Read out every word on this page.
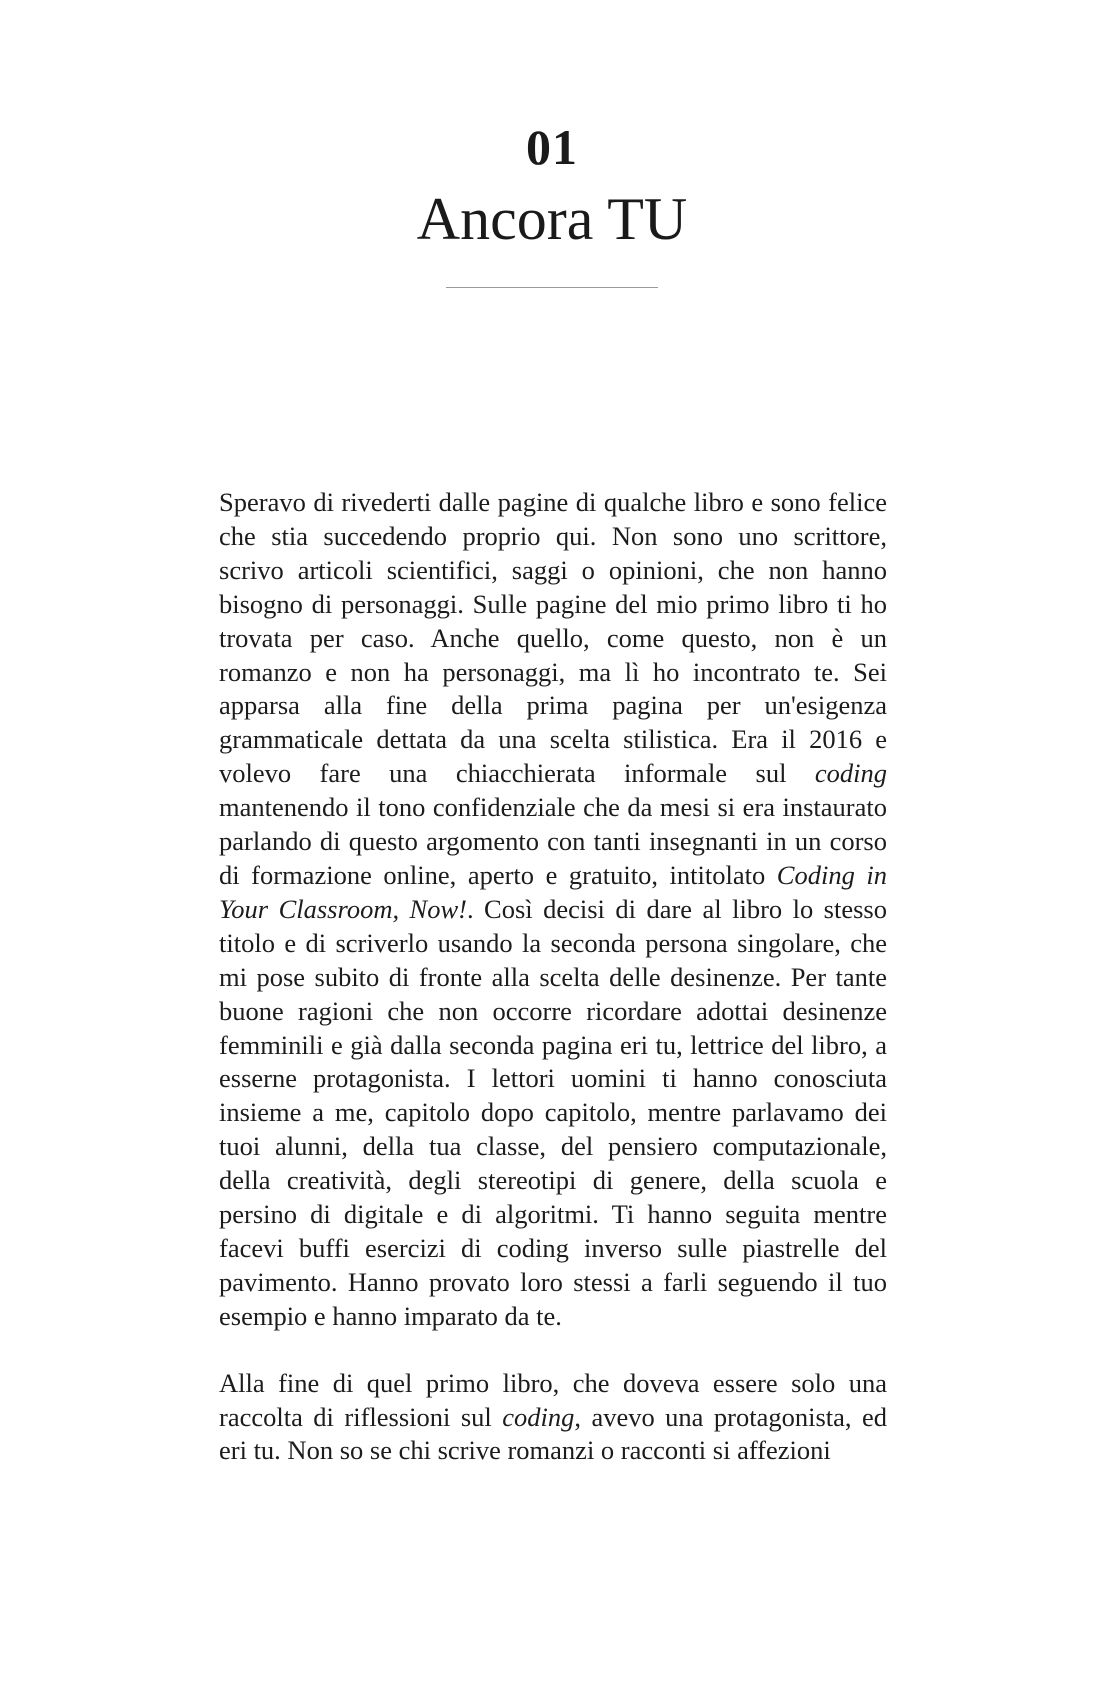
01
Ancora TU

Speravo di rivederti dalle pagine di qualche libro e sono felice che stia succedendo proprio qui. Non sono uno scrittore, scrivo articoli scientifici, saggi o opinioni, che non hanno bisogno di personaggi. Sulle pagine del mio primo libro ti ho trovata per caso. Anche quello, come questo, non è un romanzo e non ha personaggi, ma lì ho incontrato te. Sei apparsa alla fine della prima pagina per un'esigenza grammaticale dettata da una scelta stilistica. Era il 2016 e volevo fare una chiacchierata informale sul coding mantenendo il tono confidenziale che da mesi si era instaurato parlando di questo argomento con tanti insegnanti in un corso di formazione online, aperto e gratuito, intitolato Coding in Your Classroom, Now!. Così decisi di dare al libro lo stesso titolo e di scriverlo usando la seconda persona singolare, che mi pose subito di fronte alla scelta delle desinenze. Per tante buone ragioni che non occorre ricordare adottai desinenze femminili e già dalla seconda pagina eri tu, lettrice del libro, a esserne protagonista. I lettori uomini ti hanno conosciuta insieme a me, capitolo dopo capitolo, mentre parlavamo dei tuoi alunni, della tua classe, del pensiero computazionale, della creatività, degli stereotipi di genere, della scuola e persino di digitale e di algoritmi. Ti hanno seguita mentre facevi buffi esercizi di coding inverso sulle piastrelle del pavimento. Hanno provato loro stessi a farli seguendo il tuo esempio e hanno imparato da te.

Alla fine di quel primo libro, che doveva essere solo una raccolta di riflessioni sul coding, avevo una protagonista, ed eri tu. Non so se chi scrive romanzi o racconti si affezioni
